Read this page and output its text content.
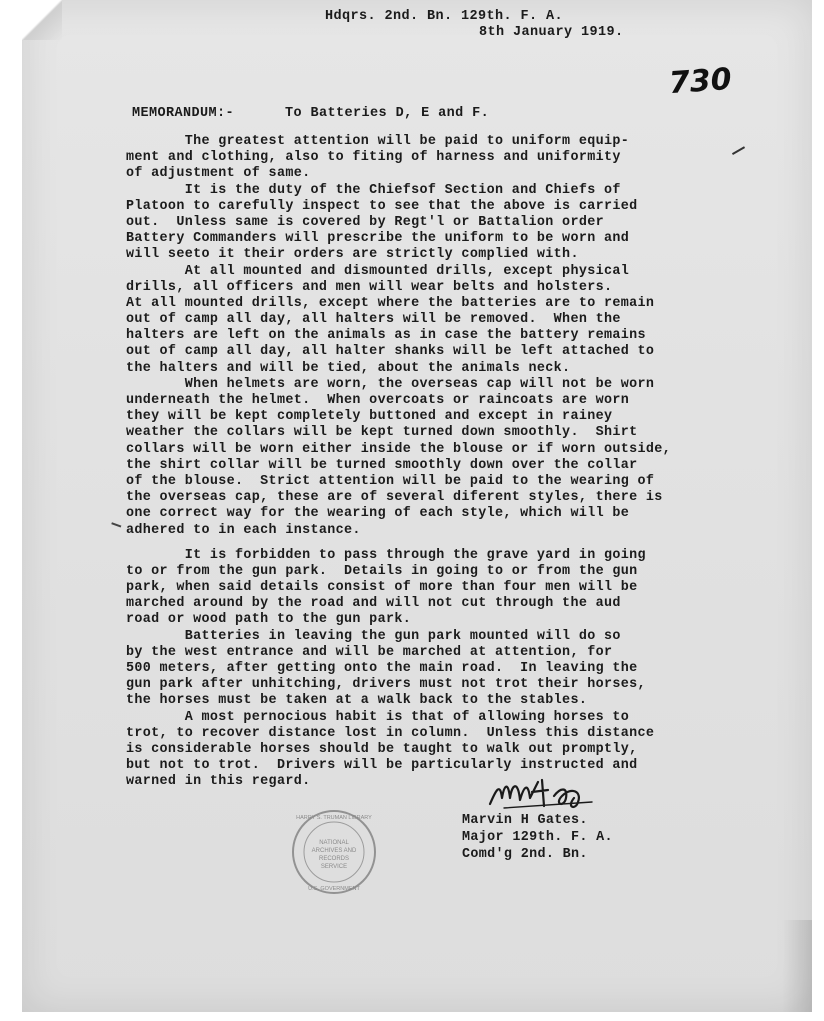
Hdqrs. 2nd. Bn. 129th. F. A.
8th January 1919.
730
MEMORANDUM:-	To Batteries D, E and F.
The greatest attention will be paid to uniform equip-
ment and clothing, also to fiting of harness and uniformity
of adjustment of same.
It is the duty of the Chiefsof Section and Chiefs of
Platoon to carefully inspect to see that the above is carried
out.  Unless same is covered by Regt'l or Battalion order
Battery Commanders will prescribe the uniform to be worn and
will seeto it their orders are strictly complied with.
At all mounted and dismounted drills, except physical
drills, all officers and men will wear belts and holsters.
At all mounted drills, except where the batteries are to remain
out of camp all day, all halters will be removed.  When the
halters are left on the animals as in case the battery remains
out of camp all day, all halter shanks will be left attached to
the halters and will be tied, about the animals neck.
When helmets are worn, the overseas cap will not be worn
underneath the helmet.  When overcoats or raincoats are worn
they will be kept completely buttoned and except in rainey
weather the collars will be kept turned down smoothly.  Shirt
collars will be worn either inside the blouse or if worn outside,
the shirt collar will be turned smoothly down over the collar
of the blouse.  Strict attention will be paid to the wearing of
the overseas cap, these are of several diferent styles, there is
one correct way for the wearing of each style, which will be
adhered to in each instance.
It is forbidden to pass through the grave yard in going
to or from the gun park.  Details in going to or from the gun
park, when said details consist of more than four men will be
marched around by the road and will not cut through the aud
road or wood path to the gun park.
Batteries in leaving the gun park mounted will do so
by the west entrance and will be marched at attention, for
500 meters, after getting onto the main road.  In leaving the
gun park after unhitching, drivers must not trot their horses,
the horses must be taken at a walk back to the stables.
A most pernocious habit is that of allowing horses to
trot, to recover distance lost in column.  Unless this distance
is considerable horses should be taught to walk out promptly,
but not to trot.  Drivers will be particularly instructed and
warned in this regard.
NATIONAL
ARCHIVES AND
RECORDS
SERVICE
HARRY S. TRUMAN LIBRARY
U.S. GOVERNMENT
Marvin H Gates.
Major 129th. F. A.
Comd'g 2nd. Bn.
